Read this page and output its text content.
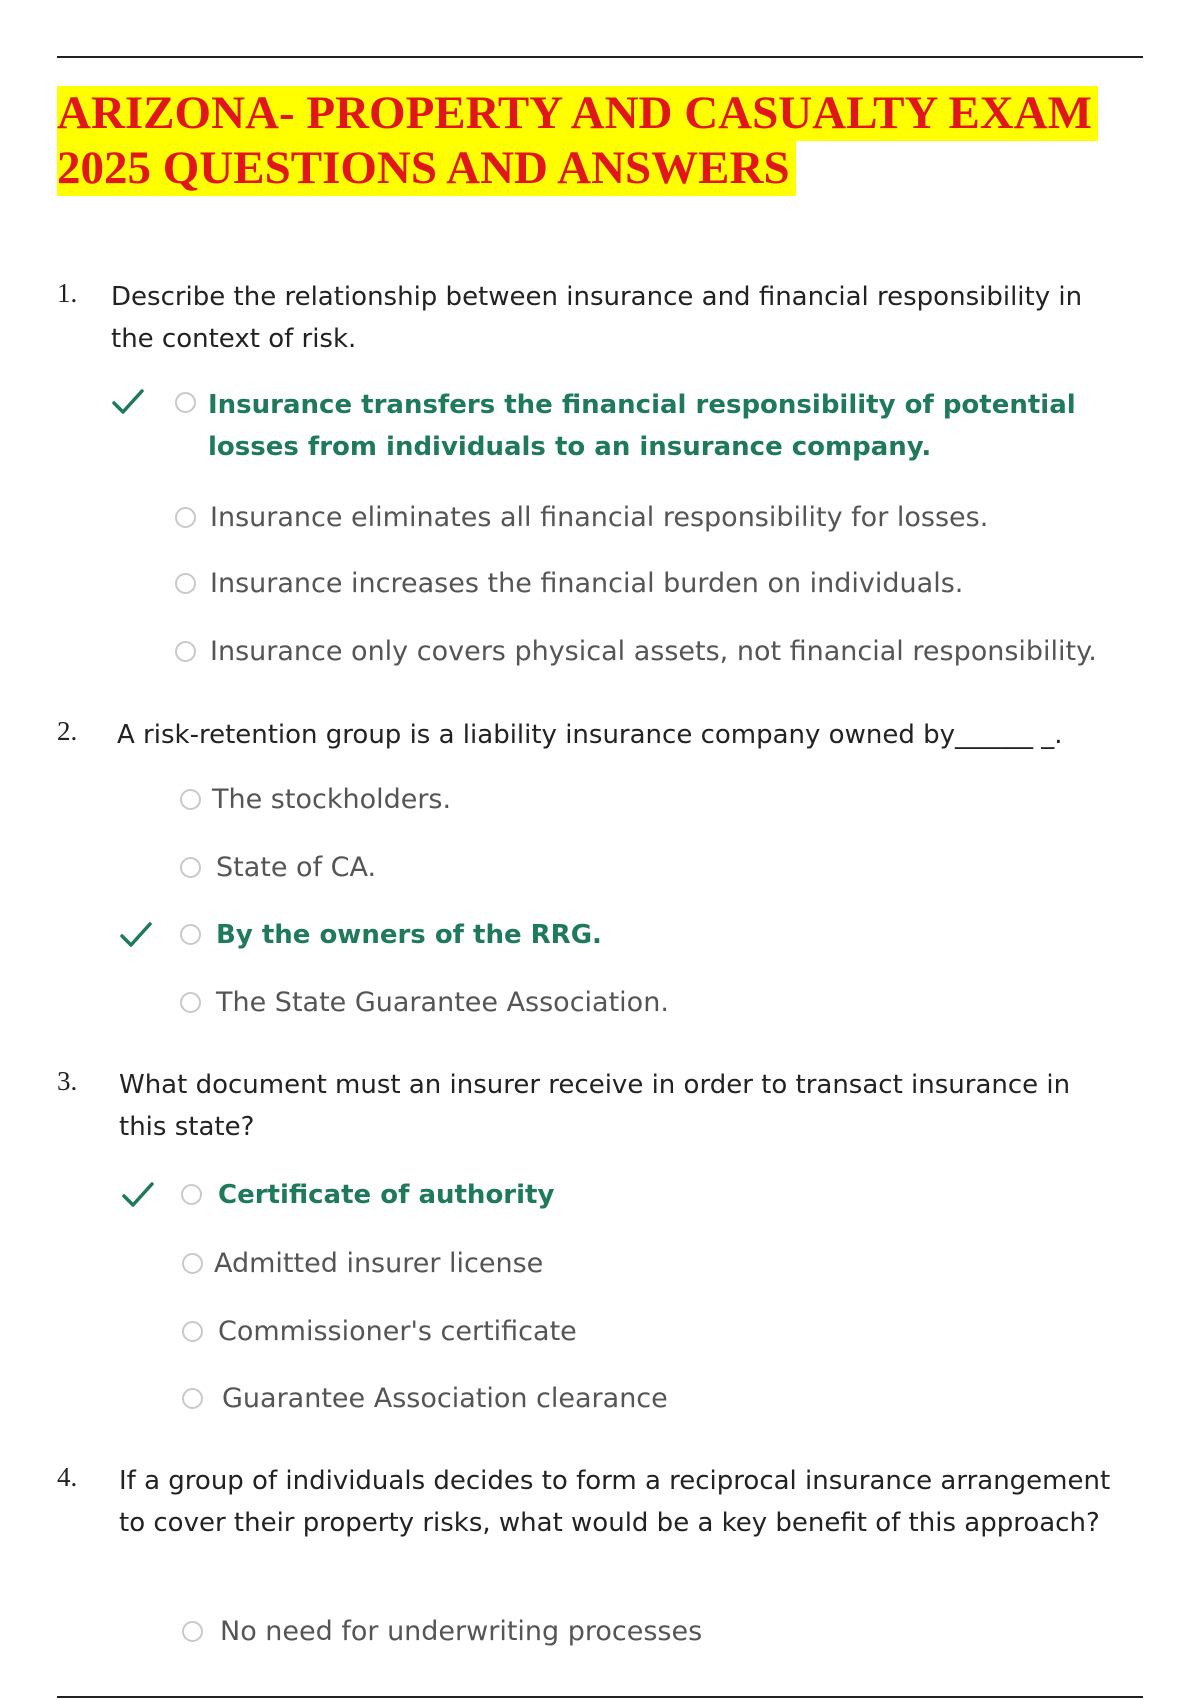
ARIZONA- PROPERTY AND CASUALTY EXAM
2025 QUESTIONS AND ANSWERS
1. Describe the relationship between insurance and financial responsibility in the context of risk.
Insurance transfers the financial responsibility of potential losses from individuals to an insurance company.
Insurance eliminates all financial responsibility for losses.
Insurance increases the financial burden on individuals.
Insurance only covers physical assets, not financial responsibility.
2. A risk-retention group is a liability insurance company owned by______ _.
The stockholders.
State of CA.
By the owners of the RRG.
The State Guarantee Association.
3. What document must an insurer receive in order to transact insurance in this state?
Certificate of authority
Admitted insurer license
Commissioner's certificate
Guarantee Association clearance
4. If a group of individuals decides to form a reciprocal insurance arrangement to cover their property risks, what would be a key benefit of this approach?
No need for underwriting processes
